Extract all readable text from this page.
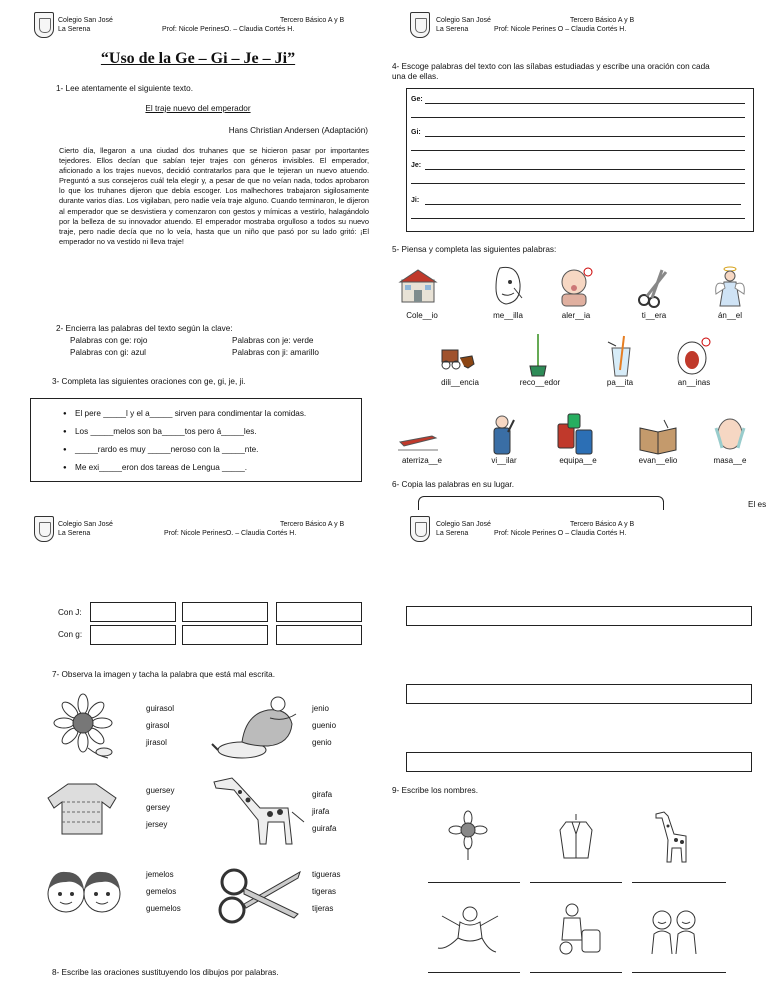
Colegio San José
La Serena
Tercero Básico A y B
Prof: Nicole PerinesO. – Claudia Cortés H.
“Uso de la Ge – Gi – Je – Ji”
1- Lee atentamente el siguiente texto.
El traje nuevo del emperador
Hans Christian Andersen (Adaptación)
Cierto día, llegaron a una ciudad dos truhanes que se hicieron pasar por importantes tejedores. Ellos decían que sabían tejer trajes con géneros invisibles. El emperador, aficionado a los trajes nuevos, decidió contratarlos para que le tejieran un nuevo atuendo. Preguntó a sus consejeros cuál tela elegir y, a pesar de que no veían nada, todos aprobaron lo que los truhanes dijeron que debía escoger. Los malhechores trabajaron sigilosamente durante varios días. Los vigilaban, pero nadie veía traje alguno. Cuando terminaron, le dijeron al emperador que se desvistiera y comenzaron con gestos y mímicas a vestirlo, halagándolo por la belleza de su innovador atuendo. El emperador mostraba orgulloso a todos su nuevo traje, pero nadie decía que no lo veía, hasta que un niño que pasó por su lado gritó: ¡El emperador no va vestido ni lleva traje!
2- Encierra las palabras del texto según la clave:
Palabras con ge: rojo	Palabras con je: verde
Palabras con gi: azul	Palabras con ji: amarillo
3- Completa las siguientes oraciones con ge, gi, je, ji.
● El pere _____l y el a_____ sirven para condimentar la comidas.
● Los _____melos son ba_____tos pero á_____les.
● _____rardo es muy _____neroso con la _____nte.
● Me exi_____eron dos tareas de Lengua _____.
Colegio San José
La Serena
Tercero Básico A y B
Prof: Nicole Perines O – Claudia Cortés H.
4- Escoge palabras del texto con las sílabas estudiadas y escribe una oración con cada una de ellas.
Ge:
Gi:
Je:
Ji:
5- Piensa y completa las siguientes palabras:
Cole__io	me__illa	aler__ia	ti__era	án__el
dili__encia	reco__edor	pa__ita	an__inas
aterriza__e	vi__ilar	equipa__e	evan__elio	masa__e
6- Copia las palabras en su lugar.
El es
Colegio San José
La Serena
Tercero Básico A y B
Prof: Nicole PerinesO. – Claudia Cortés H.
Con J:
Con g:
7- Observa la imagen y tacha la palabra que está mal escrita.
guirasol
girasol
jirasol
jenio
guenio
genio
guersey
gersey
jersey
girafa
jirafa
guirafa
jemelos
gemelos
guemelos
tigueras
tigeras
tijeras
8- Escribe las oraciones sustituyendo los dibujos por palabras.
Colegio San José
La Serena
Tercero Básico A y B
Prof: Nicole Perines O – Claudia Cortés H.
9- Escribe los nombres.
